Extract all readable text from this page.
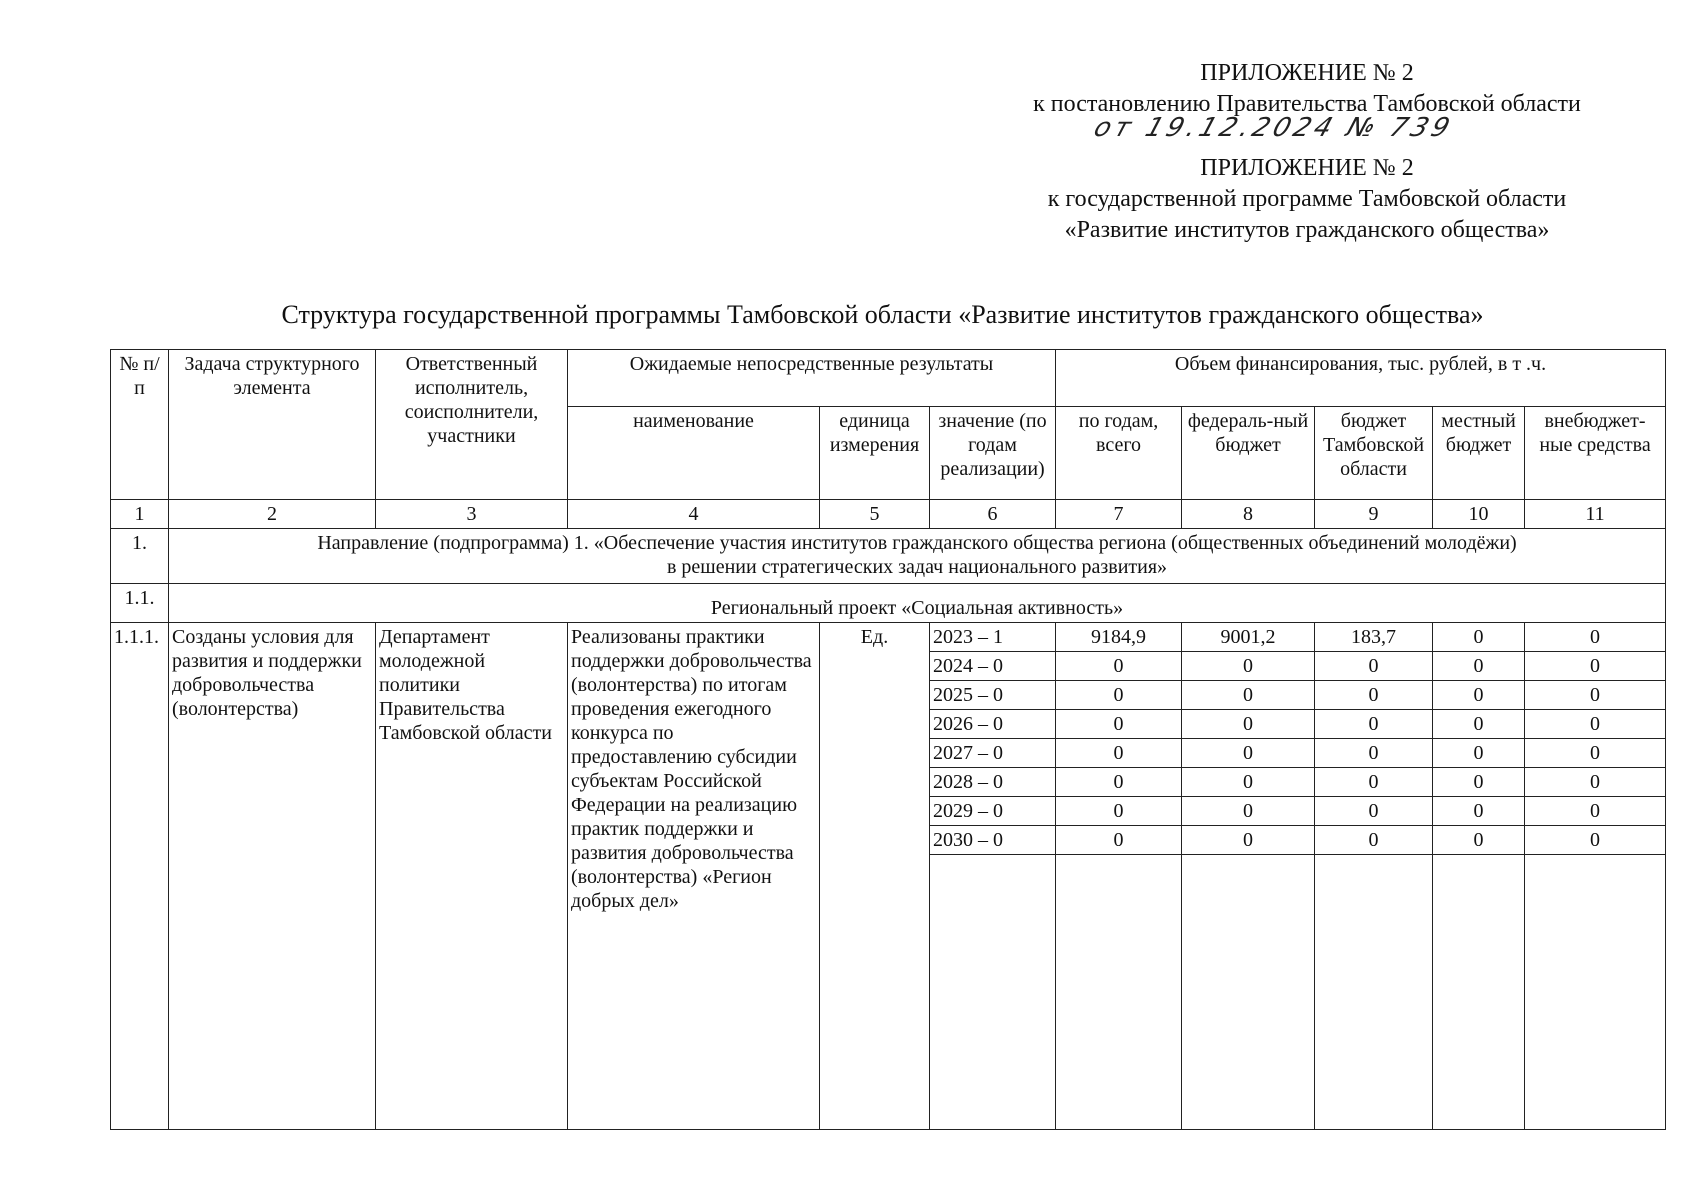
ПРИЛОЖЕНИЕ № 2
к постановлению Правительства Тамбовской области
от 19.12.2024 № 739
ПРИЛОЖЕНИЕ № 2
к государственной программе Тамбовской области
«Развитие институтов гражданского общества»
Структура государственной программы Тамбовской области «Развитие институтов гражданского общества»
№ п/п	Задача структурного элемента	Ответственный исполнитель, соисполнители, участники	Ожидаемые непосредственные результаты			Объем финансирования, тыс. рублей, в т .ч.				
			наименование	единица измерения	значение (по годам реализации)	по годам, всего	федераль-ный бюджет	бюджет Тамбовской области	местный бюджет	внебюджет-ные средства
1	2	3	4	5	6	7	8	9	10	11
1.	Направление (подпрограмма) 1. «Обеспечение участия институтов гражданского общества региона (общественных объединений молодёжи)
в решении стратегических задач национального развития»									

1.1.	Региональный проект «Социальная активность»									
1.1.1.	Созданы условия для развития и поддержки добровольчества (волонтерства)	Департамент молодежной политики Правительства Тамбовской области	Реализованы практики поддержки добровольчества (волонтерства) по итогам проведения ежегодного конкурса по предоставлению субсидии субъектам Российской Федерации на реализацию практик поддержки и развития добровольчества (волонтерства) «Регион добрых дел»	Ед.	2023 – 1	9184,9	9001,2	183,7	0	0
					2024 – 0	0	0	0	0	0
					2025 – 0	0	0	0	0	0
					2026 – 0	0	0	0	0	0
					2027 – 0	0	0	0	0	0
					2028 – 0	0	0	0	0	0
					2029 – 0	0	0	0	0	0
					2030 – 0	0	0	0	0	0
